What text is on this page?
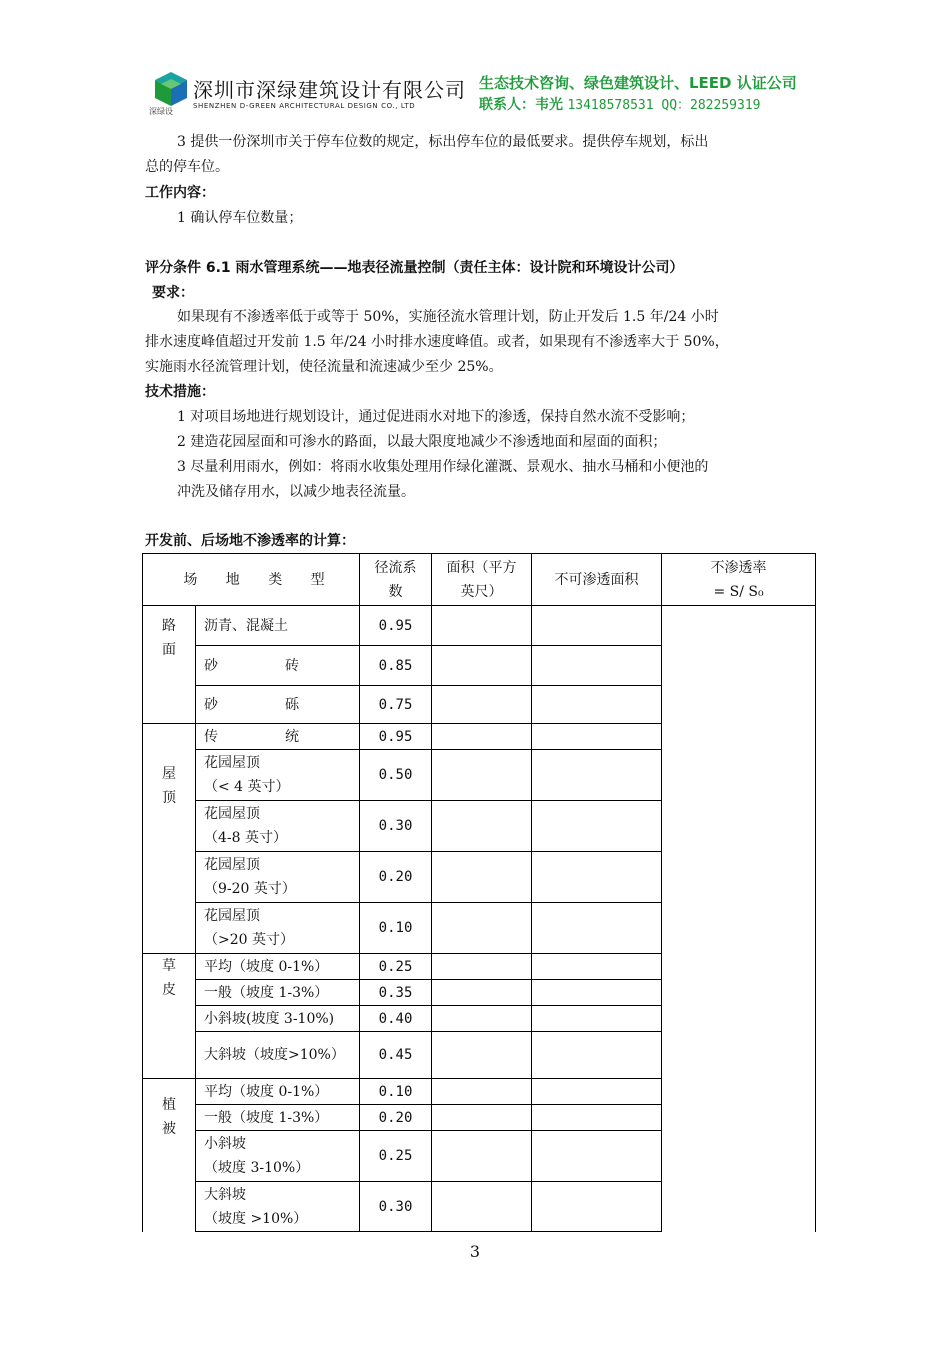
深绿设
深圳市深绿建筑设计有限公司
SHENZHEN D-GREEN ARCHITECTURAL DESIGN CO., LTD
生态技术咨询、绿色建筑设计、LEED 认证公司
联系人：韦光 13418578531 QQ：282259319
3 提供一份深圳市关于停车位数的规定，标出停车位的最低要求。提供停车规划，标出
总的停车位。
工作内容：
1 确认停车位数量；
评分条件 6.1 雨水管理系统——地表径流量控制（责任主体：设计院和环境设计公司）
要求：
如果现有不渗透率低于或等于 50%，实施径流水管理计划，防止开发后 1.5 年/24 小时
排水速度峰值超过开发前 1.5 年/24 小时排水速度峰值。或者，如果现有不渗透率大于 50%，
实施雨水径流管理计划，使径流量和流速减少至少 25%。
技术措施：
1 对项目场地进行规划设计，通过促进雨水对地下的渗透，保持自然水流不受影响；
2 建造花园屋面和可渗水的路面，以最大限度地减少不渗透地面和屋面的面积；
3 尽量利用雨水，例如：将雨水收集处理用作绿化灌溉、景观水、抽水马桶和小便池的
冲洗及储存用水，以减少地表径流量。
开发前、后场地不渗透率的计算：
场 地 类 型		径流系
数	面积（平方
英尺）	不可渗透面积	不渗透率
= S/ S₀
路
面	沥青、混凝土	0.95			

	砂 砖	0.85			

	砂 砾	0.75			
屋
顶	传 统	0.95			
	花园屋顶
（< 4 英寸）	0.50			
	花园屋顶
（4-8 英寸）	0.30			
	花园屋顶
（9-20 英寸）	0.20			
	花园屋顶
（>20 英寸）	0.10			
草
皮	平均（坡度 0-1%）	0.25			
	一般（坡度 1-3%）	0.35			
	小斜坡(坡度 3-10%)	0.40			
	大斜坡（坡度>10%）	0.45			
植
被	平均（坡度 0-1%）	0.10			
	一般（坡度 1-3%）	0.20			
	小斜坡
（坡度 3-10%）	0.25			
	大斜坡
（坡度 >10%）	0.30			
3
